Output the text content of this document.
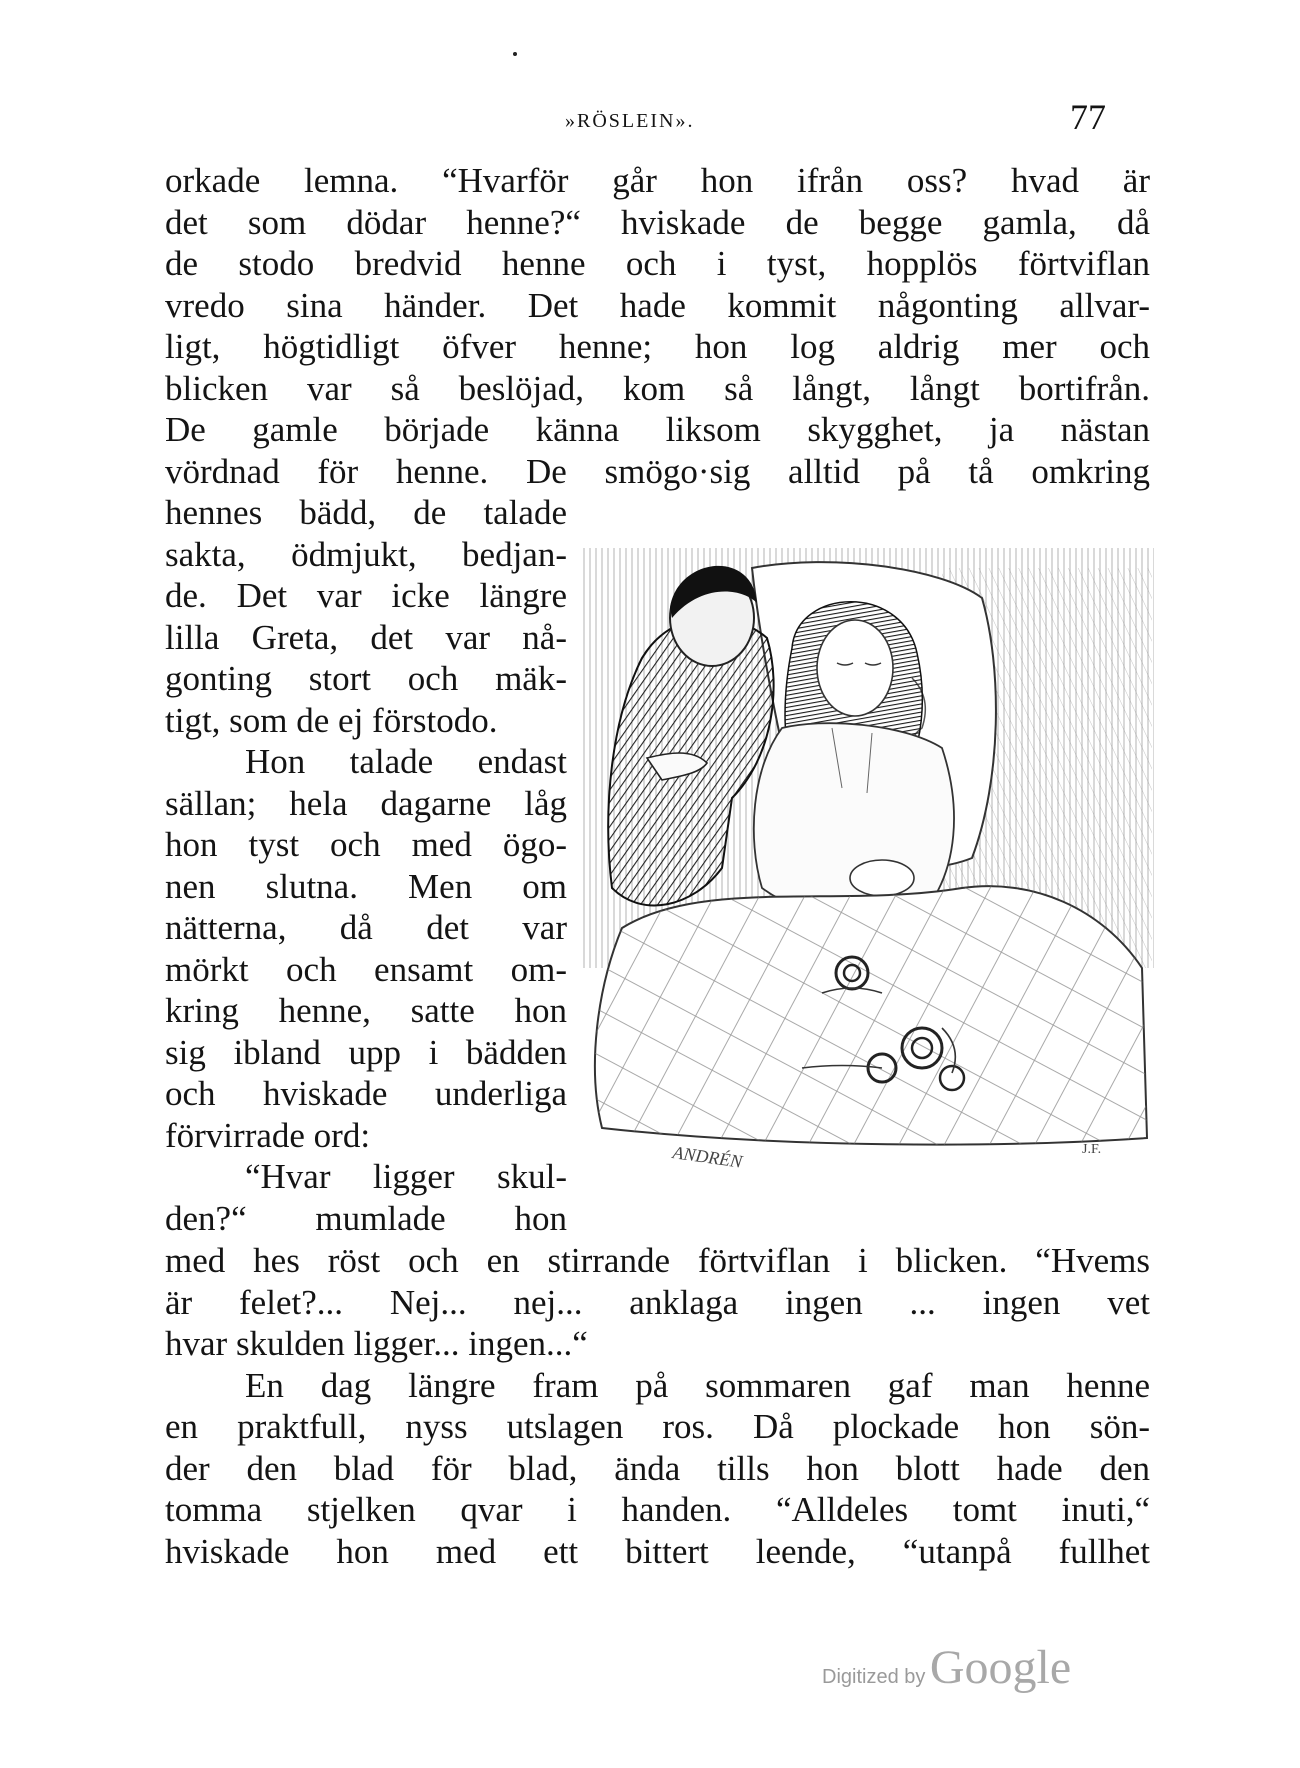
»RÖSLEIN».	77
orkade lemna. “Hvarför går hon ifrån oss? hvad är
det som dödar henne?“ hviskade de begge gamla, då
de stodo bredvid henne och i tyst, hopplös förtviflan
vredo sina händer. Det hade kommit någonting allvar-
ligt, högtidligt öfver henne; hon log aldrig mer och
blicken var så beslöjad, kom så långt, långt bortifrån.
De gamle började känna liksom skygghet, ja nästan
vördnad för henne. De smögo·sig alltid på tå omkring
hennes bädd, de talade
sakta, ödmjukt, bedjan-
de. Det var icke längre
lilla Greta, det var nå-
gonting stort och mäk-
tigt, som de ej förstodo.
Hon talade endast
sällan; hela dagarne låg
hon tyst och med ögo-
nen slutna. Men om
nätterna, då det var
mörkt och ensamt om-
kring henne, satte hon
sig ibland upp i bädden
och hviskade underliga
förvirrade ord:
“Hvar ligger skul-
den?“ mumlade hon
ANDRÉN	J.F.
med hes röst och en stirrande förtviflan i blicken. “Hvems
är felet?... Nej... nej... anklaga ingen ... ingen vet
hvar skulden ligger... ingen...“
En dag längre fram på sommaren gaf man henne
en praktfull, nyss utslagen ros. Då plockade hon sön-
der den blad för blad, ända tills hon blott hade den
tomma stjelken qvar i handen. “Alldeles tomt inuti,“
hviskade hon med ett bittert leende, “utanpå fullhet
Digitized by Google
